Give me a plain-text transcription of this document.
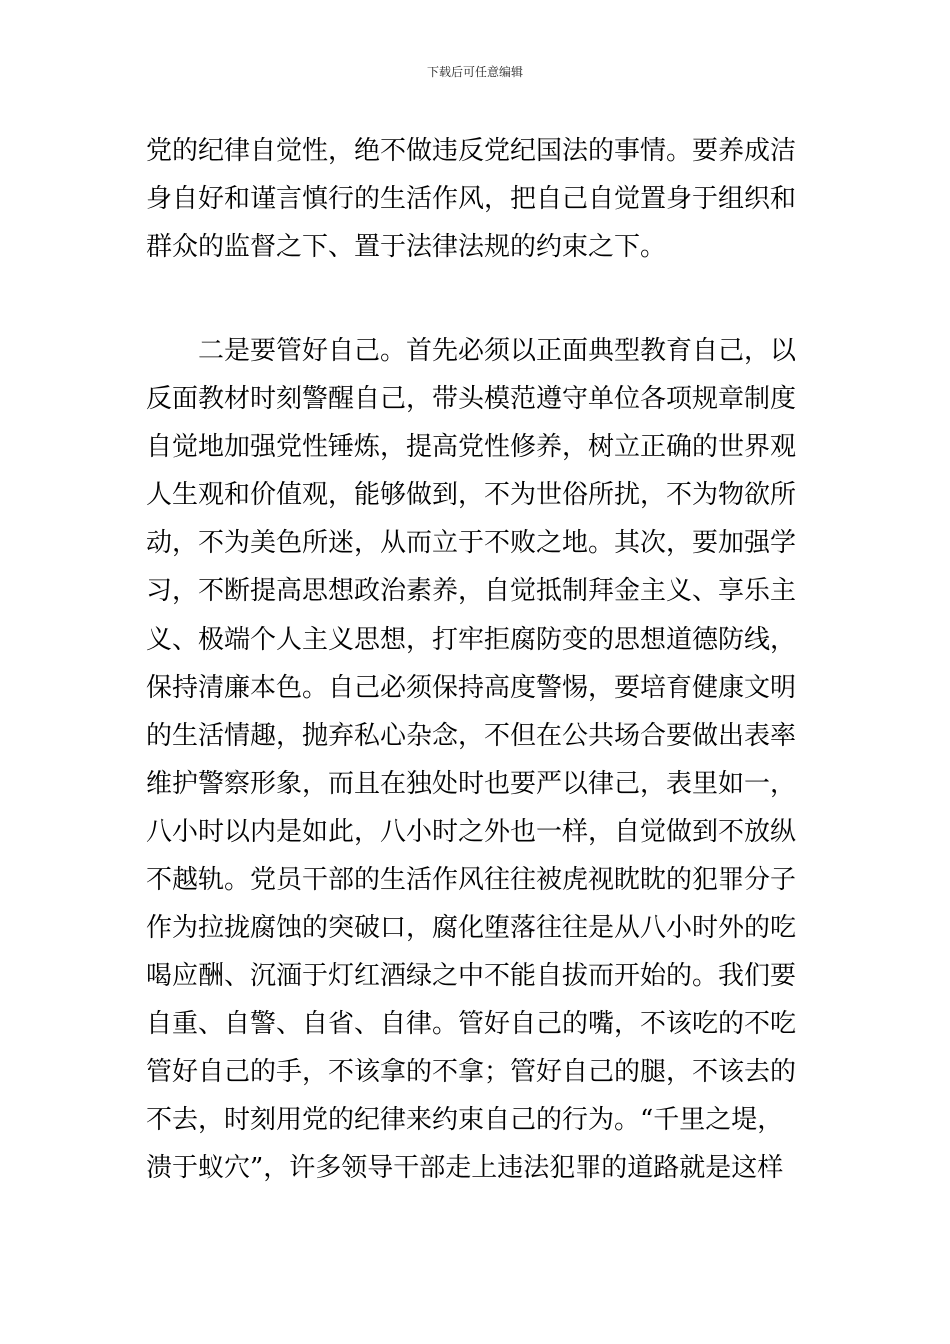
下载后可任意编辑
党的纪律自觉性，绝不做违反党纪国法的事情。要养成洁
身自好和谨言慎行的生活作风，把自己自觉置身于组织和
群众的监督之下、置于法律法规的约束之下。
　　二是要管好自己。首先必须以正面典型教育自己，以
反面教材时刻警醒自己，带头模范遵守单位各项规章制度
自觉地加强党性锤炼，提高党性修养，树立正确的世界观
人生观和价值观，能够做到，不为世俗所扰，不为物欲所
动，不为美色所迷，从而立于不败之地。其次，要加强学
习，不断提高思想政治素养，自觉抵制拜金主义、享乐主
义、极端个人主义思想，打牢拒腐防变的思想道德防线，
保持清廉本色。自己必须保持高度警惕，要培育健康文明
的生活情趣，抛弃私心杂念，不但在公共场合要做出表率
维护警察形象，而且在独处时也要严以律己，表里如一，
八小时以内是如此，八小时之外也一样，自觉做到不放纵
不越轨。党员干部的生活作风往往被虎视眈眈的犯罪分子
作为拉拢腐蚀的突破口，腐化堕落往往是从八小时外的吃
喝应酬、沉湎于灯红酒绿之中不能自拔而开始的。我们要
自重、自警、自省、自律。管好自己的嘴，不该吃的不吃
管好自己的手，不该拿的不拿；管好自己的腿，不该去的
不去，时刻用党的纪律来约束自己的行为。“千里之堤，
溃于蚁穴”，许多领导干部走上违法犯罪的道路就是这样
